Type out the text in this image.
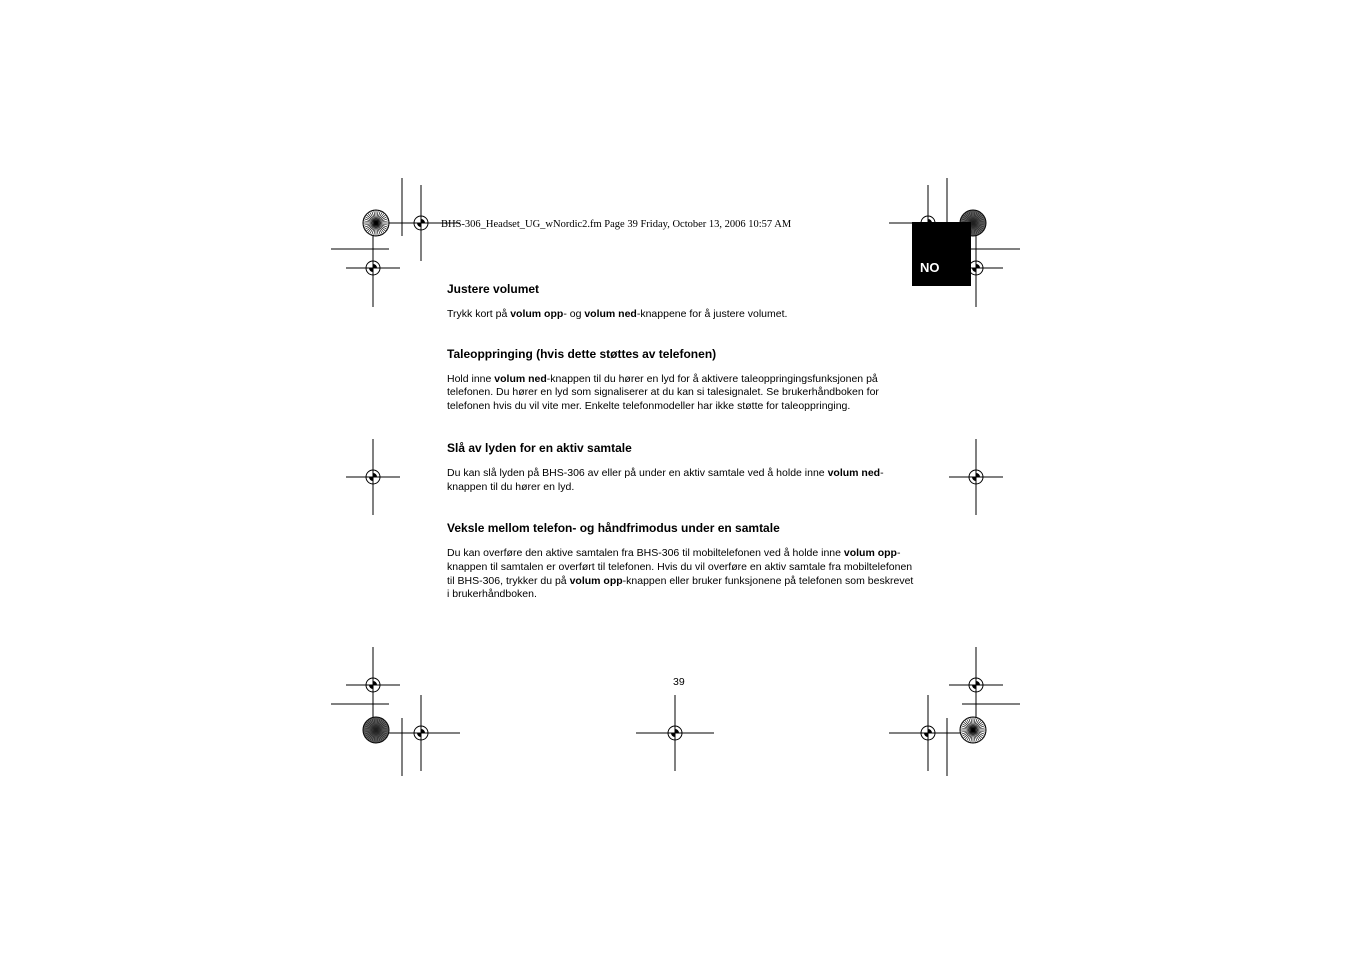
BHS-306_Headset_UG_wNordic2.fm Page 39 Friday, October 13, 2006 10:57 AM
NO
Justere volumet

Trykk kort på volum opp- og volum ned-knappene for å justere volumet.

Taleoppringing (hvis dette støttes av telefonen)

Hold inne volum ned-knappen til du hører en lyd for å aktivere taleoppringingsfunksjonen på telefonen. Du hører en lyd som signaliserer at du kan si talesignalet. Se brukerhåndboken for telefonen hvis du vil vite mer. Enkelte telefonmodeller har ikke støtte for taleoppringing.

Slå av lyden for en aktiv samtale

Du kan slå lyden på BHS-306 av eller på under en aktiv samtale ved å holde inne volum ned-knappen til du hører en lyd.

Veksle mellom telefon- og håndfrimodus under en samtale

Du kan overføre den aktive samtalen fra BHS-306 til mobiltelefonen ved å holde inne volum opp-knappen til samtalen er overført til telefonen. Hvis du vil overføre en aktiv samtale fra mobiltelefonen til BHS-306, trykker du på volum opp-knappen eller bruker funksjonene på telefonen som beskrevet i brukerhåndboken.

39
